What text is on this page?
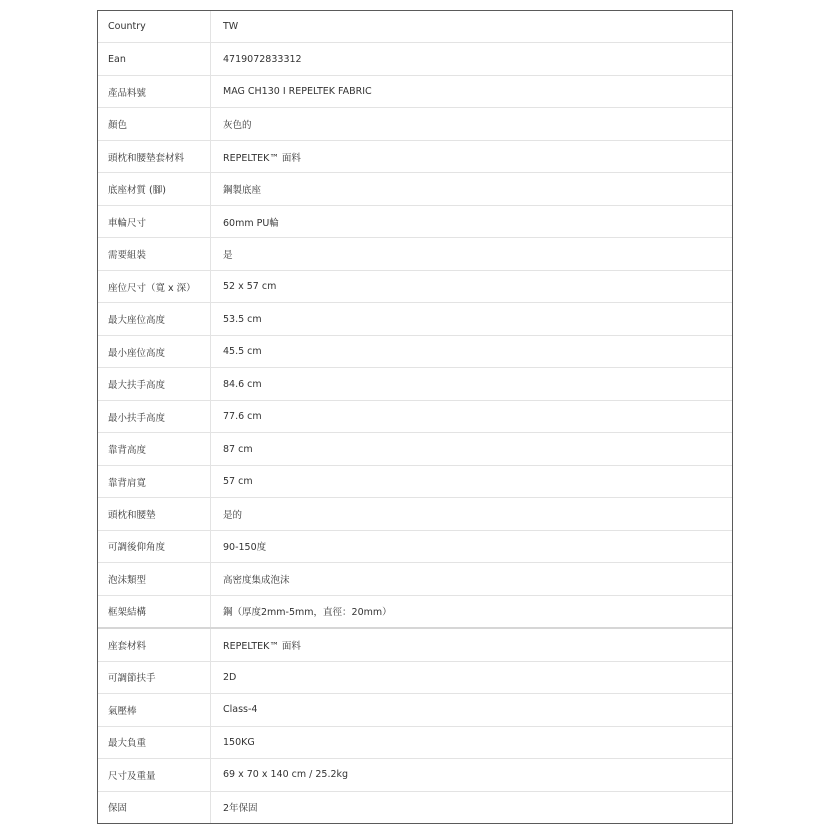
Country	TW
Ean	4719072833312
產品料號	MAG CH130 I REPELTEK FABRIC
顏色	灰色的
頭枕和腰墊套材料	REPELTEK™ 面料
底座材質 (腳)	鋼製底座
車輪尺寸	60mm PU輪
需要組裝	是
座位尺寸（寬 x 深）	52 x 57 cm
最大座位高度	53.5 cm
最小座位高度	45.5 cm
最大扶手高度	84.6 cm
最小扶手高度	77.6 cm
靠背高度	87 cm
靠背肩寬	57 cm
頭枕和腰墊	是的
可調後仰角度	90-150度
泡沫類型	高密度集成泡沫
框架結構	鋼（厚度2mm-5mm，直徑：20mm）
座套材料	REPELTEK™ 面料
可調節扶手	2D
氣壓棒	Class-4
最大負重	150KG
尺寸及重量	69 x 70 x 140 cm / 25.2kg
保固	2年保固
